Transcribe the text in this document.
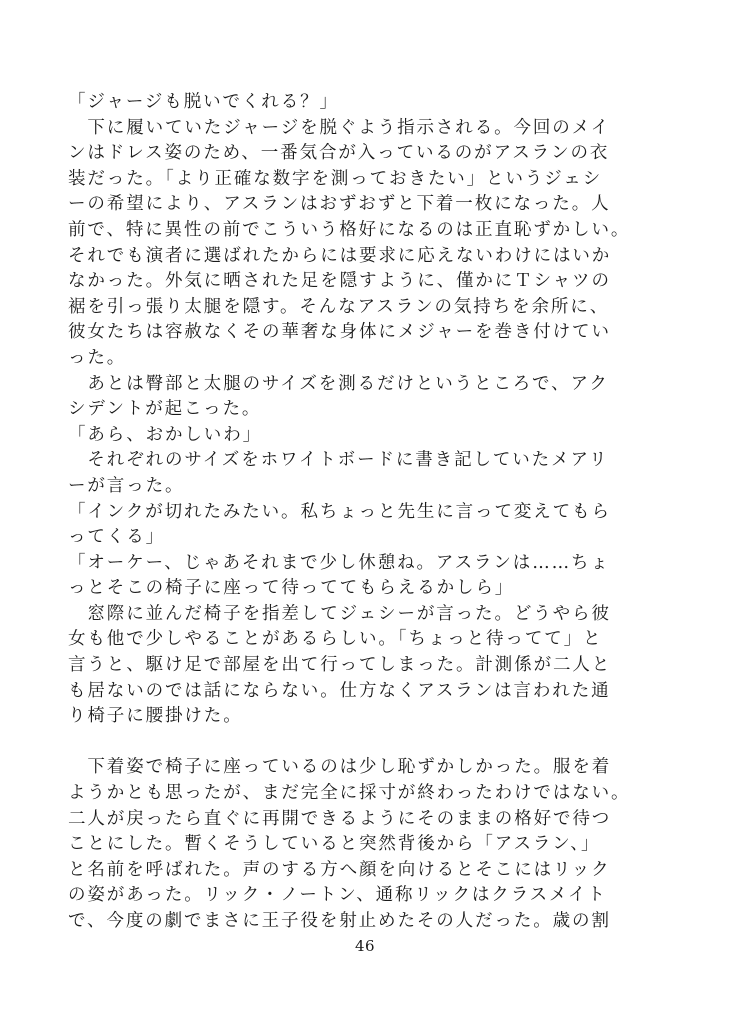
「ジャージも脱いでくれる？」
　下に履いていたジャージを脱ぐよう指示される。今回のメイ
ンはドレス姿のため、一番気合が入っているのがアスランの衣
装だった。「より正確な数字を測っておきたい」というジェシ
ーの希望により、アスランはおずおずと下着一枚になった。人
前で、特に異性の前でこういう格好になるのは正直恥ずかしい。
それでも演者に選ばれたからには要求に応えないわけにはいか
なかった。外気に晒された足を隠すように、僅かにＴシャツの
裾を引っ張り太腿を隠す。そんなアスランの気持ちを余所に、
彼女たちは容赦なくその華奢な身体にメジャーを巻き付けてい
った。
　あとは臀部と太腿のサイズを測るだけというところで、アク
シデントが起こった。
「あら、おかしいわ」
　それぞれのサイズをホワイトボードに書き記していたメアリ
ーが言った。
「インクが切れたみたい。私ちょっと先生に言って変えてもら
ってくる」
「オーケー、じゃあそれまで少し休憩ね。アスランは……ちょ
っとそこの椅子に座って待っててもらえるかしら」
　窓際に並んだ椅子を指差してジェシーが言った。どうやら彼
女も他で少しやることがあるらしい。「ちょっと待ってて」と
言うと、駆け足で部屋を出て行ってしまった。計測係が二人と
も居ないのでは話にならない。仕方なくアスランは言われた通
り椅子に腰掛けた。
　下着姿で椅子に座っているのは少し恥ずかしかった。服を着
ようかとも思ったが、まだ完全に採寸が終わったわけではない。
二人が戻ったら直ぐに再開できるようにそのままの格好で待つ
ことにした。暫くそうしていると突然背後から「アスラン、」
と名前を呼ばれた。声のする方へ顔を向けるとそこにはリック
の姿があった。リック・ノートン、通称リックはクラスメイト
で、今度の劇でまさに王子役を射止めたその人だった。歳の割
46
